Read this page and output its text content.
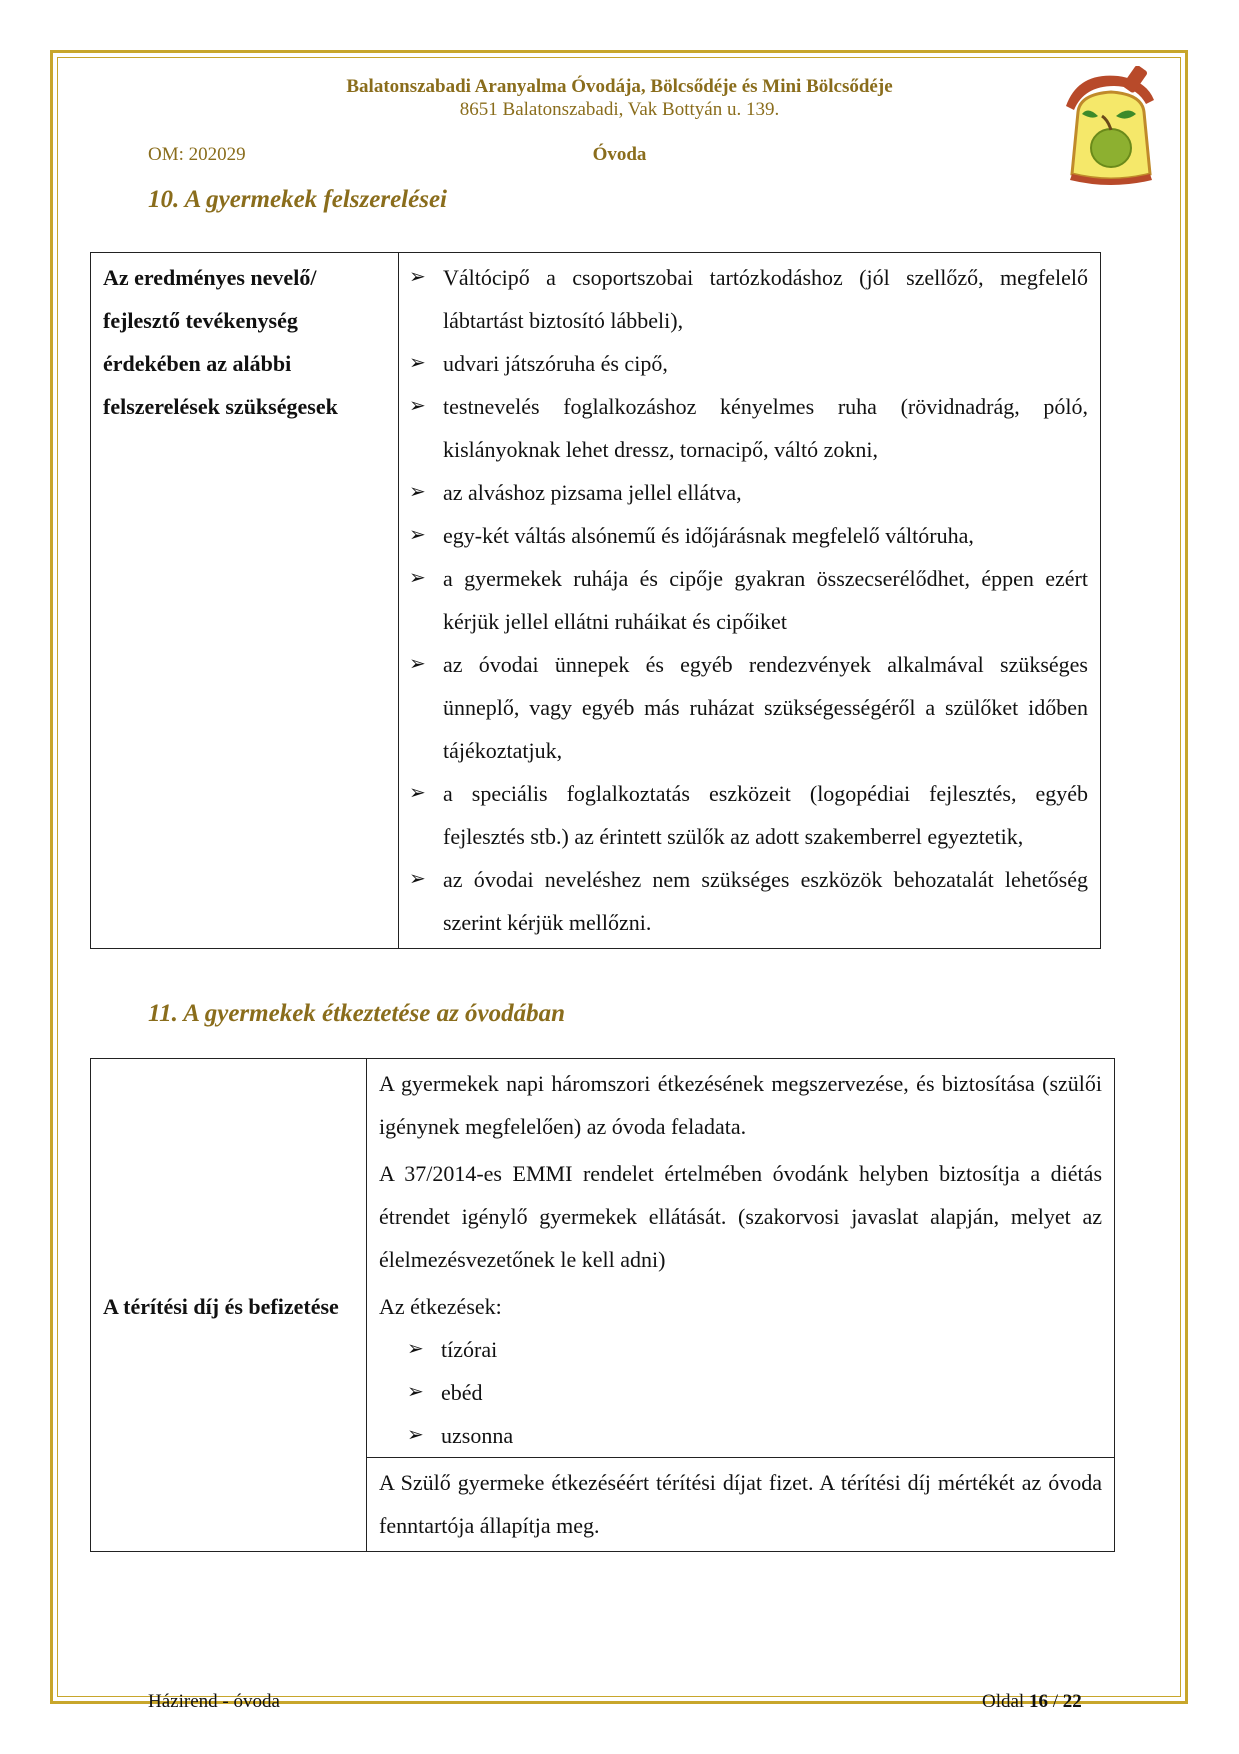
Balatonszabadi Aranyalma Óvodája, Bölcsődéje és Mini Bölcsődéje
8651 Balatonszabadi, Vak Bottyán u. 139.
OM: 202029	Óvoda
10. A gyermekek felszerelései
Az eredményes nevelő/ fejlesztő tevékenység érdekében az alábbi felszerelések szükségesek	
➢ Váltócipő a csoportszobai tartózkodáshoz (jól szellőző, megfelelő lábtartást biztosító lábbeli),
➢ udvari játszóruha és cipő,
➢ testnevelés foglalkozáshoz kényelmes ruha (rövidnadrág, póló, kislányoknak lehet dressz, tornacipő, váltó zokni,
➢ az alváshoz pizsama jellel ellátva,
➢ egy-két váltás alsónemű és időjárásnak megfelelő váltóruha,
➢ a gyermekek ruhája és cipője gyakran összecserélődhet, éppen ezért kérjük jellel ellátni ruháikat és cipőiket
➢ az óvodai ünnepek és egyéb rendezvények alkalmával szükséges ünneplő, vagy egyéb más ruházat szükségességéről a szülőket időben tájékoztatjuk,
➢ a speciális foglalkoztatás eszközeit (logopédiai fejlesztés, egyéb fejlesztés stb.) az érintett szülők az adott szakemberrel egyeztetik,
➢ az óvodai neveléshez nem szükséges eszközök behozatalát lehetőség szerint kérjük mellőzni.
11. A gyermekek étkeztetése az óvodában
A térítési díj és befizetése	
A gyermekek napi háromszori étkezésének megszervezése, és biztosítása (szülői igénynek megfelelően) az óvoda feladata.
A 37/2014-es EMMI rendelet értelmében óvodánk helyben biztosítja a diétás étrendet igénylő gyermekek ellátását. (szakorvosi javaslat alapján, melyet az élelmezésvezetőnek le kell adni)
Az étkezések:
➢ tízórai
➢ ebéd
➢ uzsonna

A Szülő gyermeke étkezéséért térítési díjat fizet. A térítési díj mértékét az óvoda fenntartója állapítja meg.
Házirend - óvoda	Oldal 16 / 22
